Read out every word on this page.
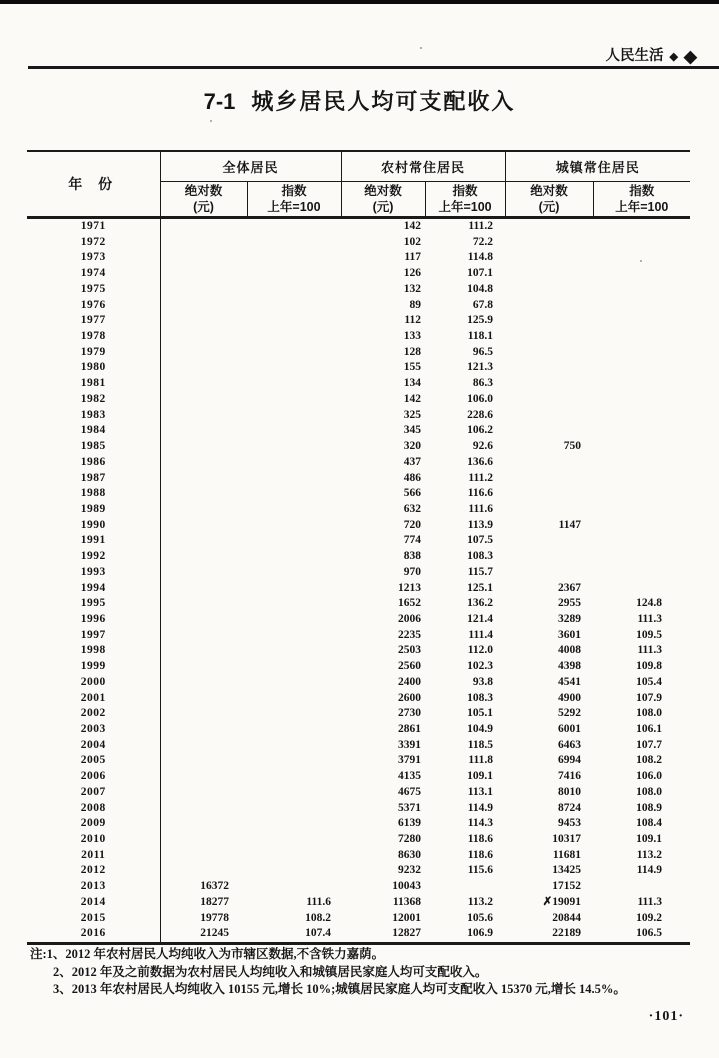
人民生活 ◆ ◆
7-1 城乡居民人均可支配收入
年 份	全体居民		农村常住居民		城镇常住居民	

绝对数
(元)

指数
上年=100

绝对数
(元)

指数
上年=100

绝对数
(元)

指数
上年=100

1971			142	111.2		
1972			102	72.2		
1973			117	114.8		
1974			126	107.1		
1975			132	104.8		
1976			89	67.8		
1977			112	125.9		
1978			133	118.1		
1979			128	96.5		
1980			155	121.3		
1981			134	86.3		
1982			142	106.0		
1983			325	228.6		
1984			345	106.2		
1985			320	92.6	750	
1986			437	136.6		
1987			486	111.2		
1988			566	116.6		
1989			632	111.6		
1990			720	113.9	1147	
1991			774	107.5		
1992			838	108.3		
1993			970	115.7		
1994			1213	125.1	2367	
1995			1652	136.2	2955	124.8
1996			2006	121.4	3289	111.3
1997			2235	111.4	3601	109.5
1998			2503	112.0	4008	111.3
1999			2560	102.3	4398	109.8
2000			2400	93.8	4541	105.4
2001			2600	108.3	4900	107.9
2002			2730	105.1	5292	108.0
2003			2861	104.9	6001	106.1
2004			3391	118.5	6463	107.7
2005			3791	111.8	6994	108.2
2006			4135	109.1	7416	106.0
2007			4675	113.1	8010	108.0
2008			5371	114.9	8724	108.9
2009			6139	114.3	9453	108.4
2010			7280	118.6	10317	109.1
2011			8630	118.6	11681	113.2
2012			9232	115.6	13425	114.9
2013	16372		10043		17152	
2014	18277	111.6	11368	113.2	✗19091	111.3
2015	19778	108.2	12001	105.6	20844	109.2
2016	21245	107.4	12827	106.9	22189	106.5
注:1、2012 年农村居民人均纯收入为市辖区数据,不含铁力嘉荫。
2、2012 年及之前数据为农村居民人均纯收入和城镇居民家庭人均可支配收入。
3、2013 年农村居民人均纯收入 10155 元,增长 10%;城镇居民家庭人均可支配收入 15370 元,增长 14.5%。
·101·
